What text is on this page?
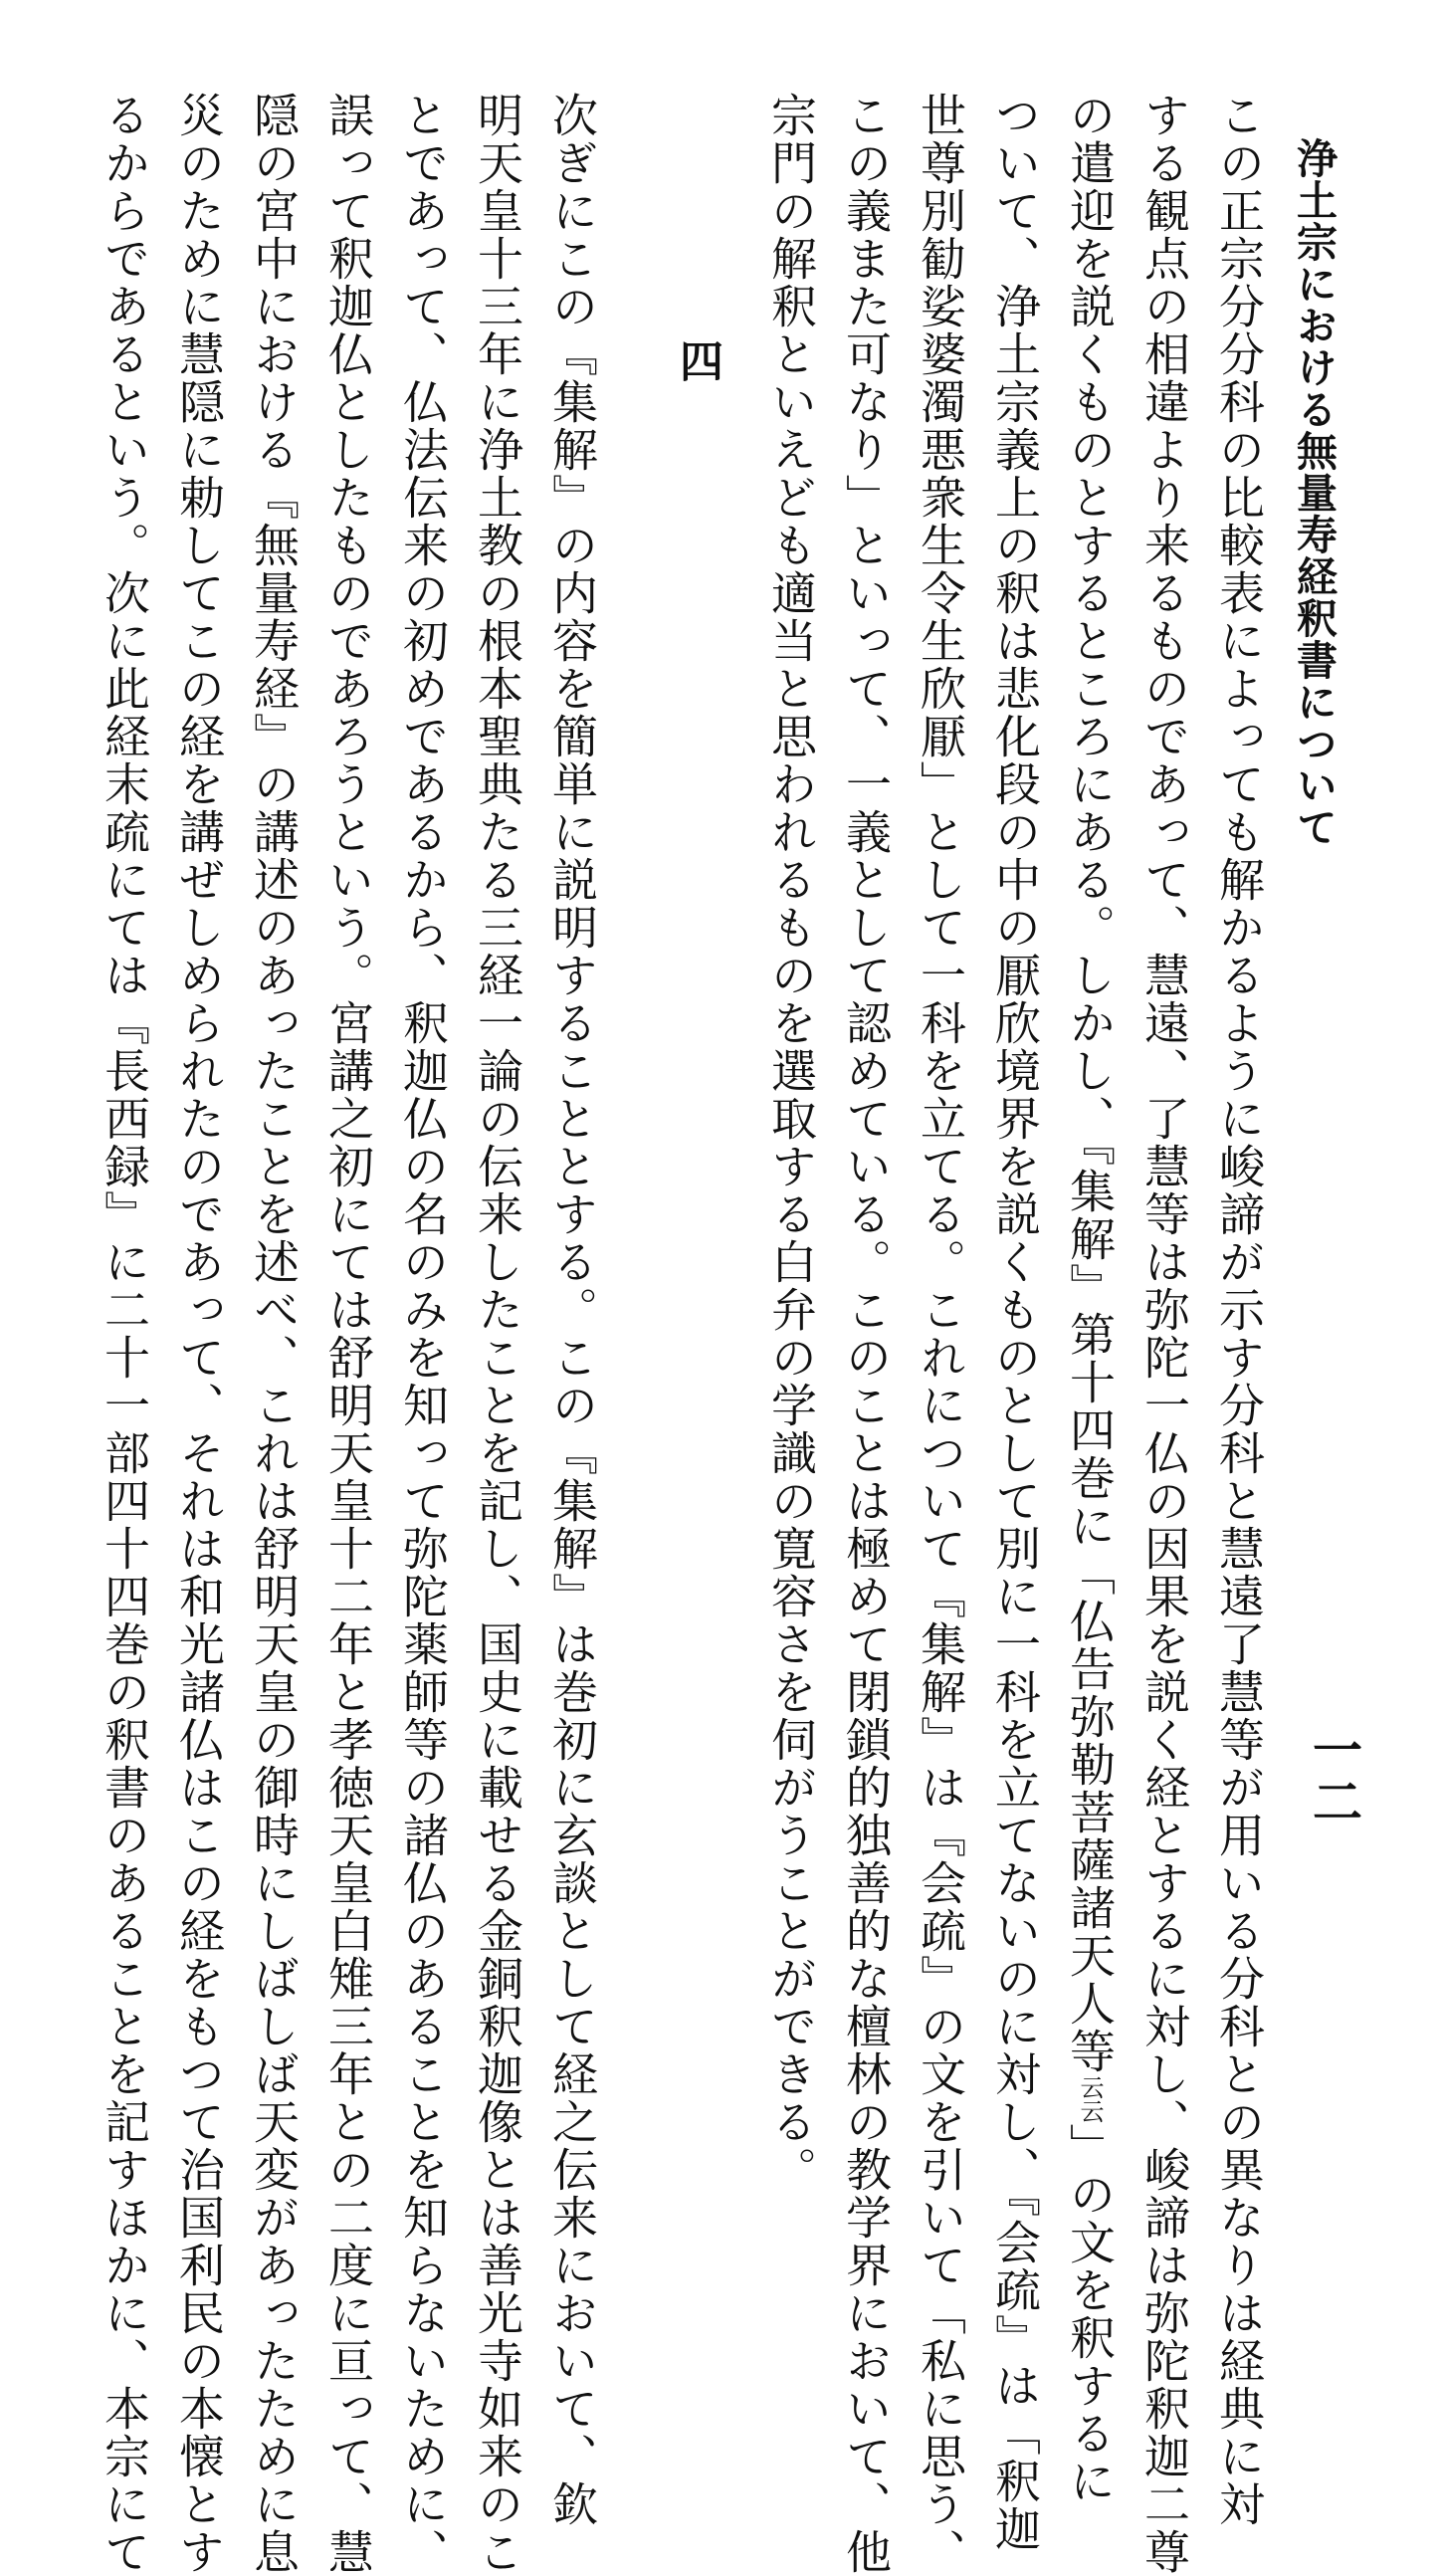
浄土宗における無量寿経釈書について
一二
この正宗分分科の比較表によっても解かるように峻諦が示す分科と慧遠了慧等が用いる分科との異なりは経典に対
する観点の相違より来るものであって、慧遠、了慧等は弥陀一仏の因果を説く経とするに対し、峻諦は弥陀釈迦二尊
の遣迎を説くものとするところにある。しかし、『集解』第十四巻に「仏告弥勒菩薩諸天人等云云」の文を釈するに
ついて、浄土宗義上の釈は悲化段の中の厭欣境界を説くものとして別に一科を立てないのに対し、『会疏』は「釈迦
世尊別勧娑婆濁悪衆生令生欣厭」として一科を立てる。これについて『集解』は『会疏』の文を引いて「私に思う、
この義また可なり」といって、一義として認めている。このことは極めて閉鎖的独善的な檀林の教学界において、他
宗門の解釈といえども適当と思われるものを選取する白弁の学識の寛容さを伺がうことができる。
四
次ぎにこの『集解』の内容を簡単に説明することとする。この『集解』は巻初に玄談として経之伝来において、欽
明天皇十三年に浄土教の根本聖典たる三経一論の伝来したことを記し、国史に載せる金銅釈迦像とは善光寺如来のこ
とであって、仏法伝来の初めであるから、釈迦仏の名のみを知って弥陀薬師等の諸仏のあることを知らないために、
誤って釈迦仏としたものであろうという。宮講之初にては舒明天皇十二年と孝徳天皇白雉三年との二度に亘って、慧
隠の宮中における『無量寿経』の講述のあったことを述べ、これは舒明天皇の御時にしばしば天変があったために息
災のために慧隠に勅してこの経を講ぜしめられたのであって、それは和光諸仏はこの経をもつて治国利民の本懐とす
るからであるという。次に此経末疏にては『長西録』に二十一部四十四巻の釈書のあることを記すほかに、本宗にて
